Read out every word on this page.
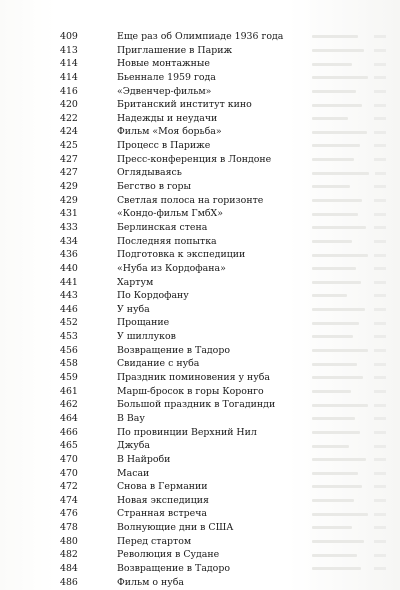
409	Еще раз об Олимпиаде 1936 года
413	Приглашение в Париж
414	Новые монтажные
414	Бьеннале 1959 года
416	«Эдвенчер-фильм»
420	Британский институт кино
422	Надежды и неудачи
424	Фильм «Моя борьба»
425	Процесс в Париже
427	Пресс-конференция в Лондоне
427	Оглядываясь
429	Бегство в горы
429	Светлая полоса на горизонте
431	«Кондо-фильм ГмбХ»
433	Берлинская стена
434	Последняя попытка
436	Подготовка к экспедиции
440	«Нуба из Кордофана»
441	Хартум
443	По Кордофану
446	У нуба
452	Прощание
453	У шиллуков
456	Возвращение в Тадоро
458	Свидание с нуба
459	Праздник поминовения у нуба
461	Марш-бросок в горы Коронго
462	Большой праздник в Тогадинди
464	В Вау
466	По провинции Верхний Нил
465	Джуба
470	В Найроби
470	Масаи
472	Снова в Германии
474	Новая экспедиция
476	Странная встреча
478	Волнующие дни в США
480	Перед стартом
482	Революция в Судане
484	Возвращение в Тадоро
486	Фильм о нуба
